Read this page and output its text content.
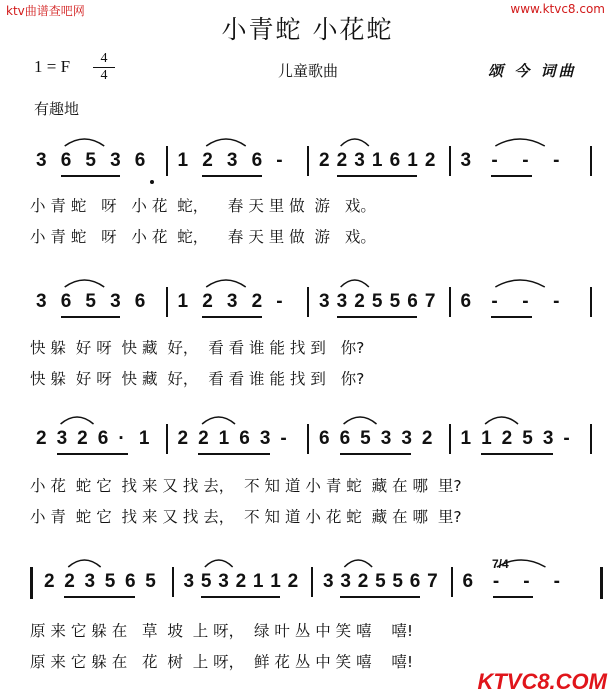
ktv曲谱查吧网	www.ktvc8.com
小青蛇 小花蛇
1 = F	4
4	儿童歌曲	颂 今 词曲
有趣地
3 6 5 3 6 1 2 3 6 - 2 2 3 1 6 1 2 3 - - -
3 6 5 3 6 1 2 3 2 - 3 3 2 5 5 6 7 6 - - -
2 3 2 6 · 1 2 2 1 6 3 - 6 6 5 3 3 2 1 1 2 5 3 -
2 2 3 5 6 5 3 5 3 2 1 1 2 3 3 2 5 5 6 7 6 - - -
7/4
小 青 蛇   呀   小 花  蛇，    春 天 里 做  游   戏。
小 青 蛇   呀   小 花  蛇，    春 天 里 做  游   戏。
快 躲  好 呀  快 藏  好，  看 看 谁 能 找 到   你?
快 躲  好 呀  快 藏  好，  看 看 谁 能 找 到   你?
小 花  蛇 它  找 来 又 找 去，  不 知 道 小 青 蛇  藏 在 哪  里?
小 青  蛇 它  找 来 又 找 去，  不 知 道 小 花 蛇  藏 在 哪  里?
原 来 它 躲 在   草  坡  上 呀，  绿 叶 丛 中 笑 嘻    嘻!
原 来 它 躲 在   花  树  上 呀，  鲜 花 丛 中 笑 嘻    嘻!
KTVC8.COM
